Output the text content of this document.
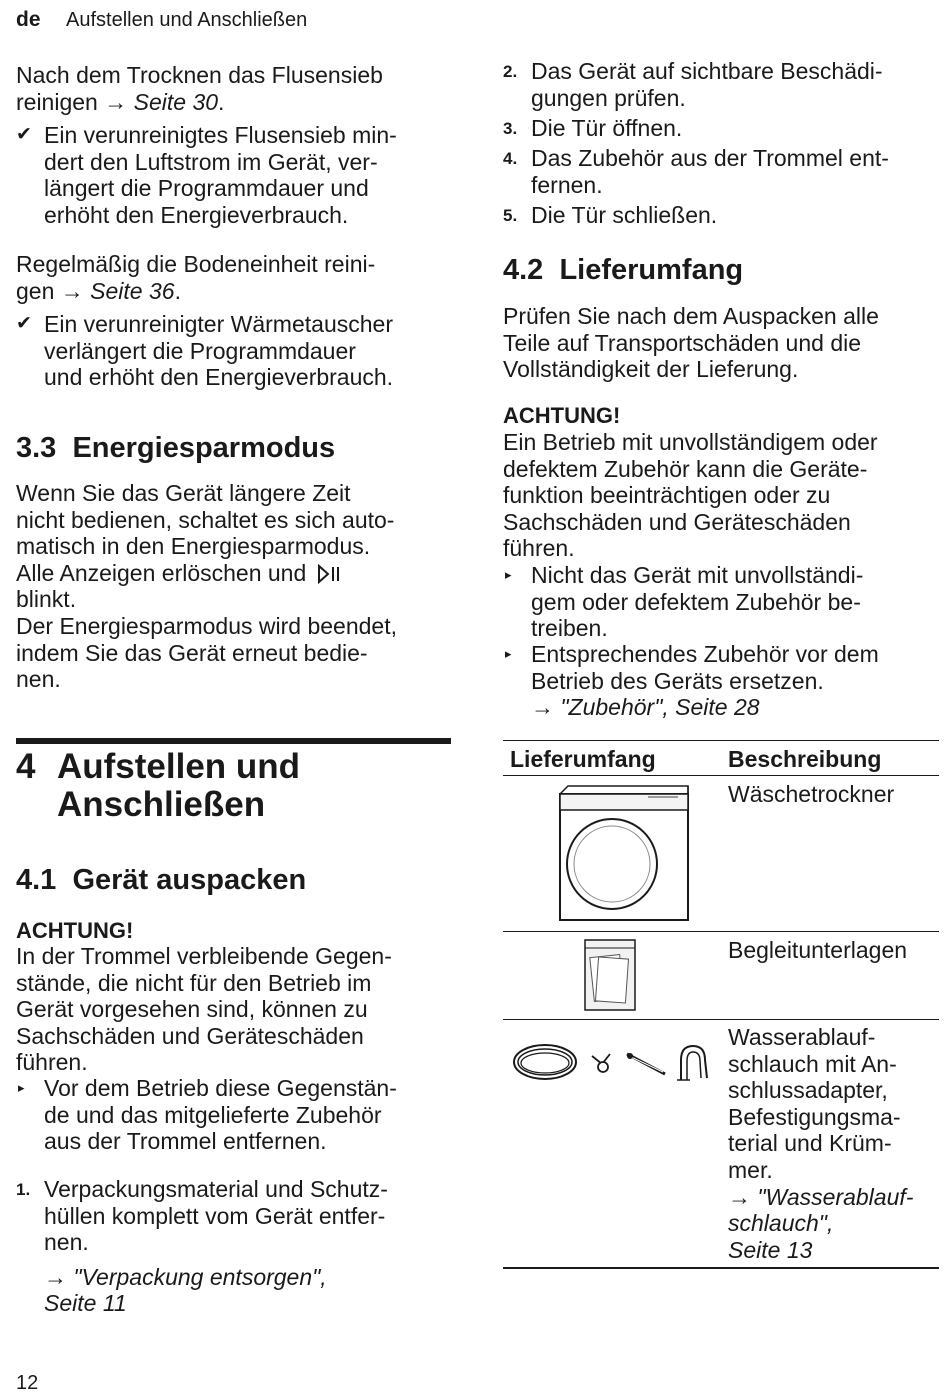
de Aufstellen und Anschließen

Nach dem Trocknen das Flusensieb

reinigen → Seite 30.

✔ Ein verunreinigtes Flusensieb min-

dert den Luftstrom im Gerät, ver-

längert die Programmdauer und

erhöht den Energieverbrauch.

Regelmäßig die Bodeneinheit reini-

gen → Seite 36.

✔ Ein verunreinigter Wärmetauscher

verlängert die Programmdauer

und erhöht den Energieverbrauch.

3.3 Energiesparmodus

Wenn Sie das Gerät längere Zeit

nicht bedienen, schaltet es sich auto-

matisch in den Energiesparmodus.

Alle Anzeigen erlöschen und

blinkt.

Der Energiesparmodus wird beendet,

indem Sie das Gerät erneut bedie-

nen.

4 Aufstellen und
Anschließen
4.1 Gerät auspacken
ACHTUNG!

In der Trommel verbleibende Gegen-

stände, die nicht für den Betrieb im

Gerät vorgesehen sind, können zu

Sachschäden und Geräteschäden

führen.

▸ Vor dem Betrieb diese Gegenstän-

de und das mitgelieferte Zubehör

aus der Trommel entfernen.

1. Verpackungsmaterial und Schutz-

hüllen komplett vom Gerät entfer-

nen.

→ "Verpackung entsorgen",

Seite 11

2. Das Gerät auf sichtbare Beschädi-

gungen prüfen.

3. Die Tür öffnen.

4. Das Zubehör aus der Trommel ent-

fernen.

5. Die Tür schließen.

4.2 Lieferumfang

Prüfen Sie nach dem Auspacken alle

Teile auf Transportschäden und die

Vollständigkeit der Lieferung.

ACHTUNG!

Ein Betrieb mit unvollständigem oder

defektem Zubehör kann die Geräte-

funktion beeinträchtigen oder zu

Sachschäden und Geräteschäden

führen.

▸ Nicht das Gerät mit unvollständi-

gem oder defektem Zubehör be-

treiben.

▸ Entsprechendes Zubehör vor dem

Betrieb des Geräts ersetzen.

→ "Zubehör", Seite 28

Lieferumfang	Beschreibung
Wäschetrockner
Begleitunterlagen
Wasserablauf-
schlauch mit An-
schlussadapter,
Befestigungsma-
terial und Krüm-
mer.
→ "Wasserablauf-
schlauch",
Seite 13
12
